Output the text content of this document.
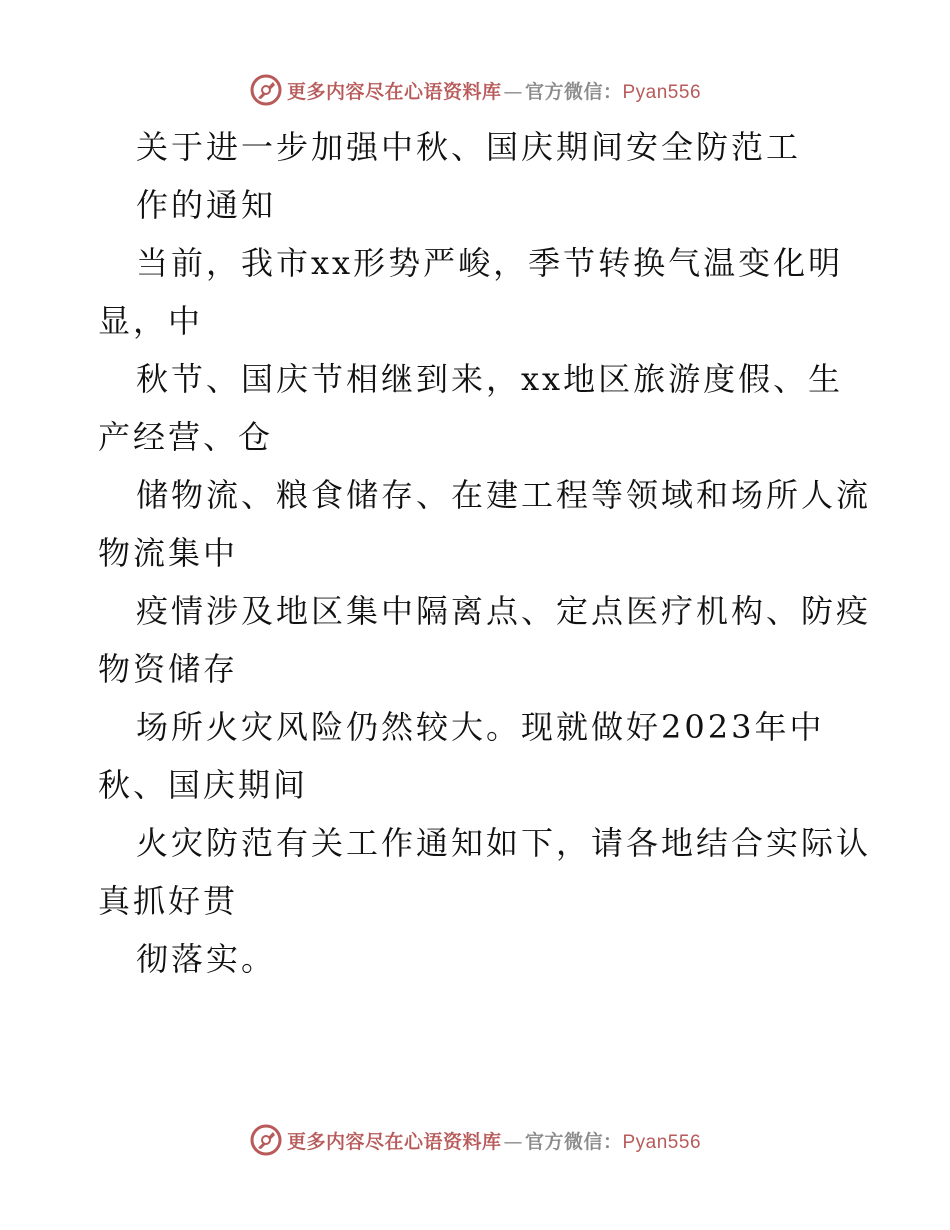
更多内容尽在心语资料库 — 官方微信：Pyan556
关于进一步加强中秋、国庆期间安全防范工
作的通知
当前，我市xx形势严峻，季节转换气温变化明
显，中
秋节、国庆节相继到来，xx地区旅游度假、生
产经营、仓
储物流、粮食储存、在建工程等领域和场所人流
物流集中
疫情涉及地区集中隔离点、定点医疗机构、防疫
物资储存
场所火灾风险仍然较大。现就做好2023年中
秋、国庆期间
火灾防范有关工作通知如下，请各地结合实际认
真抓好贯
彻落实。
更多内容尽在心语资料库 — 官方微信：Pyan556
